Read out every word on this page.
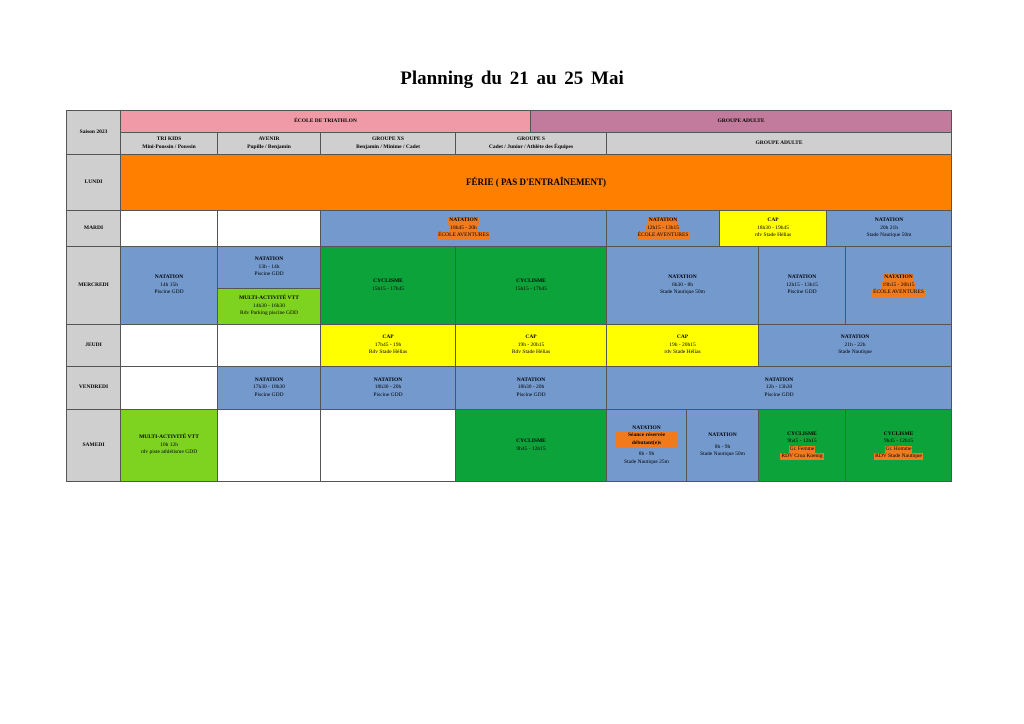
Planning du 21 au 25 Mai
Saison 2023
ÉCOLE DE TRIATHLON	GROUPE ADULTE
TRI KIDS
Mini-Poussin / Poussin
AVENIR
Pupille / Benjamin
GROUPE XS
Benjamin / Minime / Cadet
GROUPE S
Cadet / Junior / Athlète des Équipes
GROUPE ADULTE
LUNDI
MARDI
MERCREDI
JEUDI
VENDREDI
SAMEDI
FÉRIE ( PAS D'ENTRAÎNEMENT)
NATATION
18h45 - 20h
ÉCOLE AVENTURES
NATATION
12h15 - 13h15
ÉCOLE AVENTURES
CAP
18h30 - 19h45
rdv Stade Hélias
NATATION
20h 21h
Stade Nautique 50m
NATATION
14h 15h
Piscine GDD
NATATION
13h - 14h
Piscine GDD
MULTI-ACTIVITÉ VTT
14h30 - 16h30
Rdv Parking piscine GDD
CYCLISME
15h15 - 17h45
CYCLISME
15h15 - 17h45
NATATION
6h30 - 8h
Stade Nautique 50m
NATATION
12h15 - 13h15
Piscine GDD
NATATION
19h15 - 20h15
ÉCOLE AVENTURES
CAP
17h45 - 19h
Rdv Stade Hélias
CAP
19h - 20h15
Rdv Stade Hélias
CAP
19h - 20h15
rdv Stade Hélias
NATATION
21h - 22h
Stade Nautique
NATATION
17h30 - 18h30
Piscine GDD
NATATION
18h30 - 20h
Piscine GDD
NATATION
18h30 - 20h
Piscine GDD
NATATION
12h - 13h30
Piscine GDD
MULTI-ACTIVITÉ VTT
10h 12h
rdv piste athlétisme GDD
CYCLISME
9h45 - 12h15
NATATION
Séance réservée débutant(e)s
8h - 9h
Stade Nautique 25m
NATATION
8h - 9h
Stade Nautique 50m
CYCLISME
9h45 - 12h15
Gr. Femme
RDV Croa Koenig
CYCLISME
9h45 - 12h15
Gr. Homme
RDV Stade Nautique
